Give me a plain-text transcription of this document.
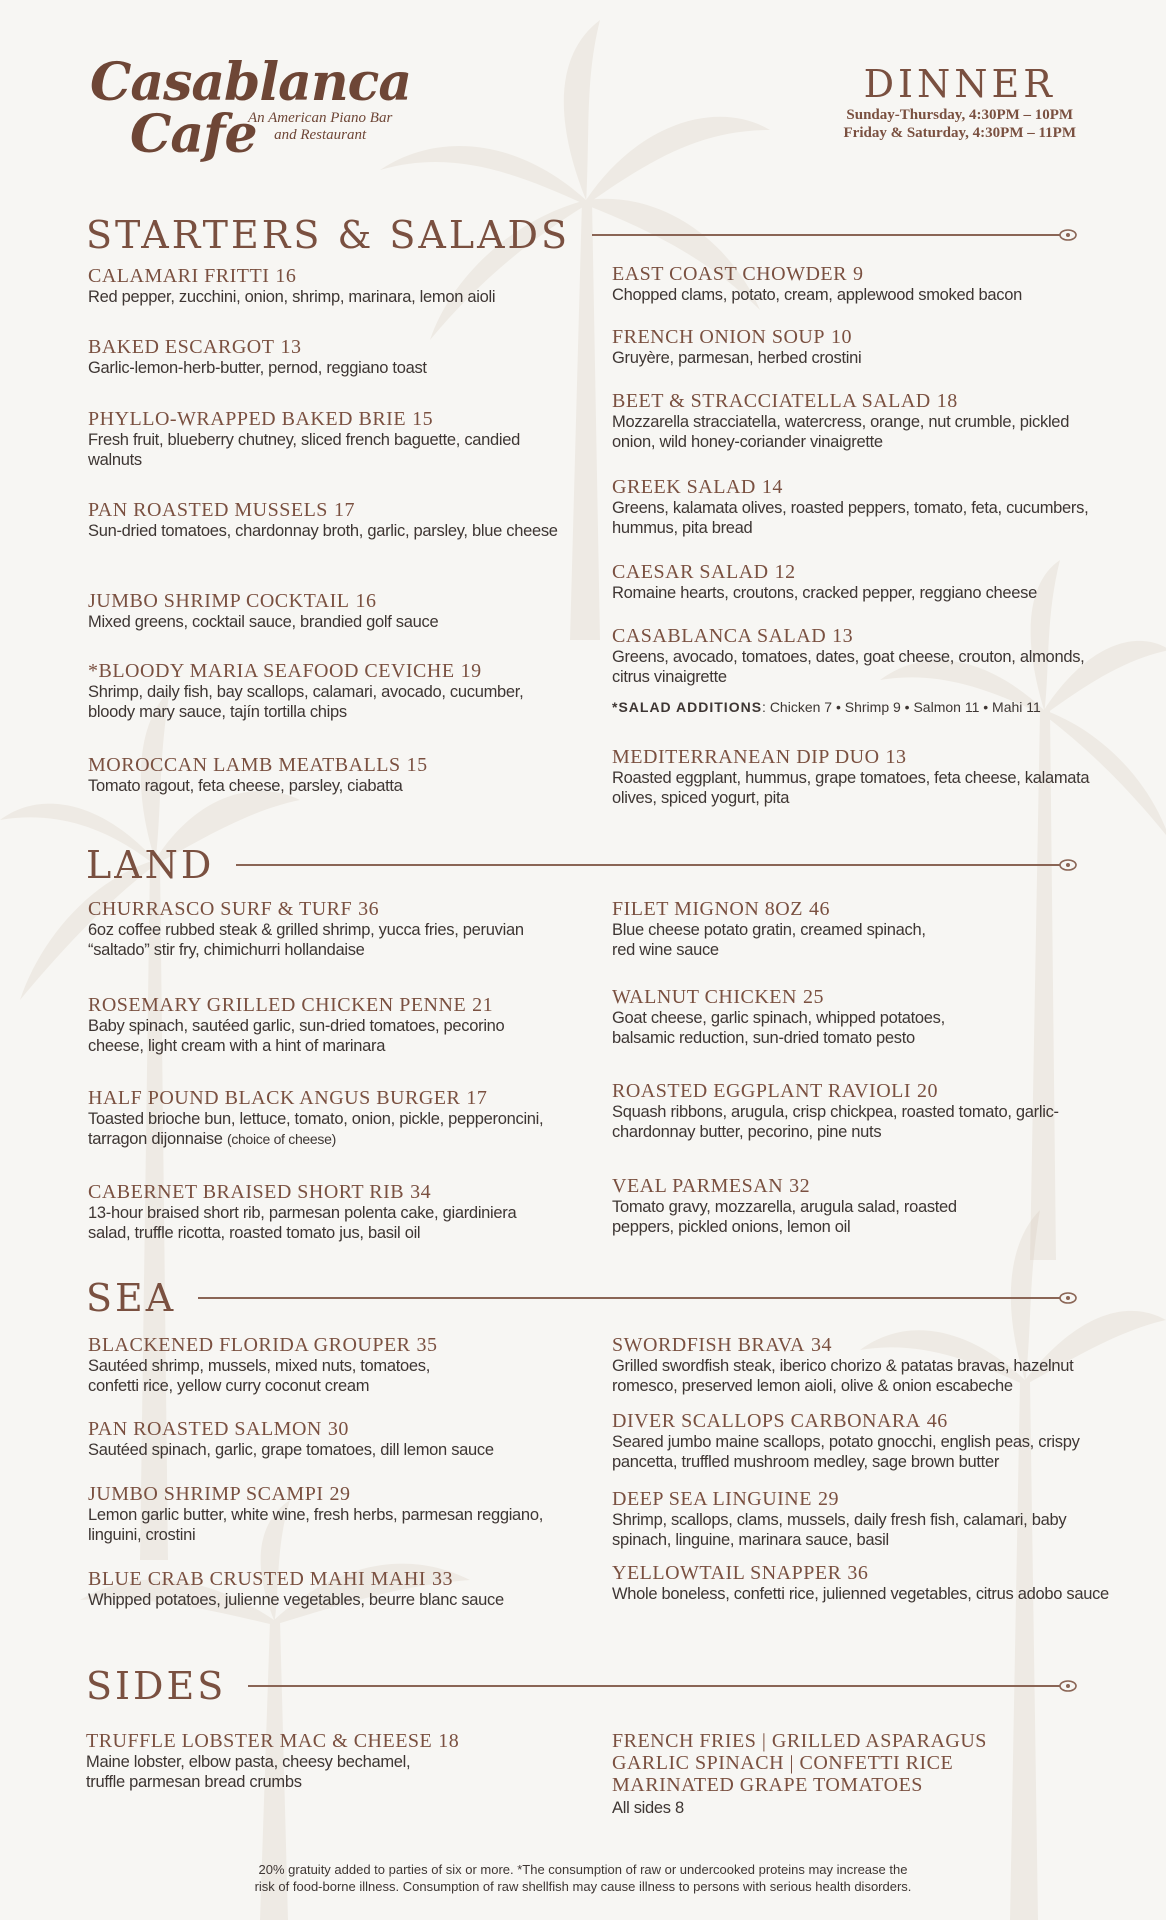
Casablanca
Cafe
An American Piano Bar
and Restaurant
DINNER
Sunday-Thursday, 4:30PM – 10PM
Friday & Saturday, 4:30PM – 11PM
STARTERS & SALADS
CALAMARI FRITTI 16
Red pepper, zucchini, onion, shrimp, marinara, lemon aioli
BAKED ESCARGOT 13
Garlic-lemon-herb-butter, pernod, reggiano toast
PHYLLO-WRAPPED BAKED BRIE 15
Fresh fruit, blueberry chutney, sliced french baguette, candied walnuts
PAN ROASTED MUSSELS 17
Sun-dried tomatoes, chardonnay broth, garlic, parsley, blue cheese
JUMBO SHRIMP COCKTAIL 16
Mixed greens, cocktail sauce, brandied golf sauce
*BLOODY MARIA SEAFOOD CEVICHE 19
Shrimp, daily fish, bay scallops, calamari, avocado, cucumber, bloody mary sauce, tajín tortilla chips
MOROCCAN LAMB MEATBALLS 15
Tomato ragout, feta cheese, parsley, ciabatta
EAST COAST CHOWDER 9
Chopped clams, potato, cream, applewood smoked bacon
FRENCH ONION SOUP 10
Gruyère, parmesan, herbed crostini
BEET & STRACCIATELLA SALAD 18
Mozzarella stracciatella, watercress, orange, nut crumble, pickled onion, wild honey-coriander vinaigrette
GREEK SALAD 14
Greens, kalamata olives, roasted peppers, tomato, feta, cucumbers, hummus, pita bread
CAESAR SALAD 12
Romaine hearts, croutons, cracked pepper, reggiano cheese
CASABLANCA SALAD 13
Greens, avocado, tomatoes, dates, goat cheese, crouton, almonds, citrus vinaigrette
*SALAD ADDITIONS: Chicken 7 • Shrimp 9 • Salmon 11 • Mahi 11
MEDITERRANEAN DIP DUO 13
Roasted eggplant, hummus, grape tomatoes, feta cheese, kalamata olives, spiced yogurt, pita
LAND
CHURRASCO SURF & TURF 36
6oz coffee rubbed steak & grilled shrimp, yucca fries, peruvian “saltado” stir fry, chimichurri hollandaise
ROSEMARY GRILLED CHICKEN PENNE 21
Baby spinach, sautéed garlic, sun-dried tomatoes, pecorino cheese, light cream with a hint of marinara
HALF POUND BLACK ANGUS BURGER 17
Toasted brioche bun, lettuce, tomato, onion, pickle, pepperoncini, tarragon dijonnaise (choice of cheese)
CABERNET BRAISED SHORT RIB 34
13-hour braised short rib, parmesan polenta cake, giardiniera salad, truffle ricotta, roasted tomato jus, basil oil
FILET MIGNON 8OZ 46
Blue cheese potato gratin, creamed spinach, red wine sauce
WALNUT CHICKEN 25
Goat cheese, garlic spinach, whipped potatoes, balsamic reduction, sun-dried tomato pesto
ROASTED EGGPLANT RAVIOLI 20
Squash ribbons, arugula, crisp chickpea, roasted tomato, garlic-chardonnay butter, pecorino, pine nuts
VEAL PARMESAN 32
Tomato gravy, mozzarella, arugula salad, roasted peppers, pickled onions, lemon oil
SEA
BLACKENED FLORIDA GROUPER 35
Sautéed shrimp, mussels, mixed nuts, tomatoes, confetti rice, yellow curry coconut cream
PAN ROASTED SALMON 30
Sautéed spinach, garlic, grape tomatoes, dill lemon sauce
JUMBO SHRIMP SCAMPI 29
Lemon garlic butter, white wine, fresh herbs, parmesan reggiano, linguini, crostini
BLUE CRAB CRUSTED MAHI MAHI 33
Whipped potatoes, julienne vegetables, beurre blanc sauce
SWORDFISH BRAVA 34
Grilled swordfish steak, iberico chorizo & patatas bravas, hazelnut romesco, preserved lemon aioli, olive & onion escabeche
DIVER SCALLOPS CARBONARA 46
Seared jumbo maine scallops, potato gnocchi, english peas, crispy pancetta, truffled mushroom medley, sage brown butter
DEEP SEA LINGUINE 29
Shrimp, scallops, clams, mussels, daily fresh fish, calamari, baby spinach, linguine, marinara sauce, basil
YELLOWTAIL SNAPPER 36
Whole boneless, confetti rice, julienned vegetables, citrus adobo sauce
SIDES
TRUFFLE LOBSTER MAC & CHEESE 18
Maine lobster, elbow pasta, cheesy bechamel, truffle parmesan bread crumbs
FRENCH FRIES | GRILLED ASPARAGUS
GARLIC SPINACH | CONFETTI RICE
MARINATED GRAPE TOMATOES
All sides 8
20% gratuity added to parties of six or more. *The consumption of raw or undercooked proteins may increase the
risk of food-borne illness. Consumption of raw shellfish may cause illness to persons with serious health disorders.
